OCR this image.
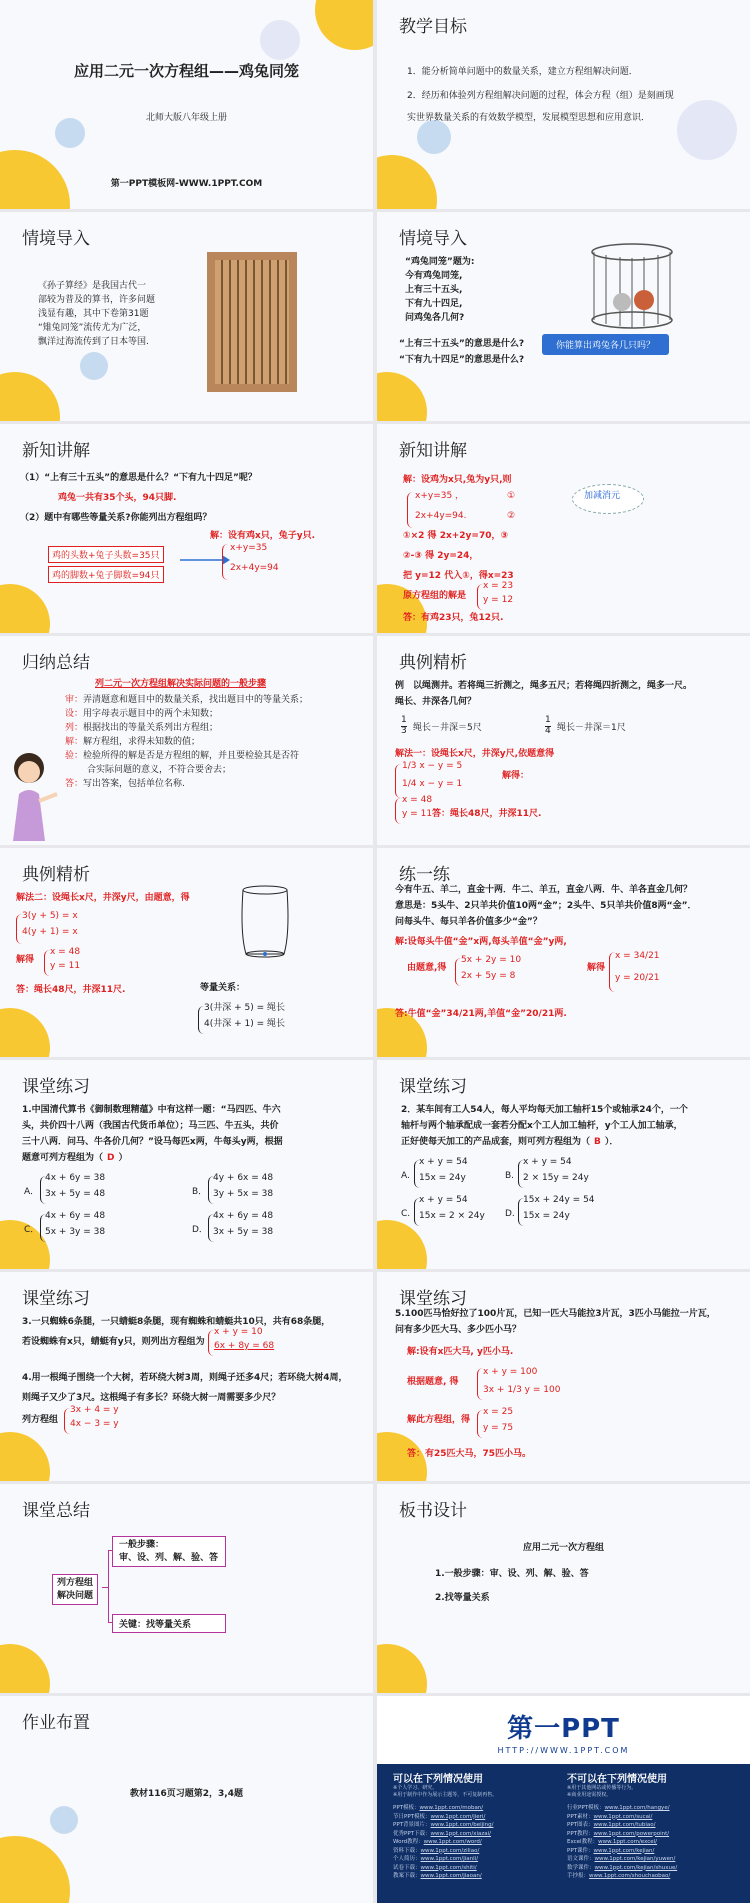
应用二元一次方程组——鸡兔同笼
北师大版八年级上册
第一PPT模板网-WWW.1PPT.COM
教学目标
1．能分析简单问题中的数量关系，建立方程组解决问题．
2．经历和体验列方程组解决问题的过程，体会方程（组）是刻画现
实世界数量关系的有效数学模型，发展模型思想和应用意识．
情境导入
《孙子算经》是我国古代一
部较为普及的算书，许多问题
浅显有趣，其中下卷第31题
“雉兔同笼”流传尤为广泛，
飘洋过海流传到了日本等国.
情境导入
“鸡兔同笼”题为:
今有鸡兔同笼,
上有三十五头,
下有九十四足,
问鸡兔各几何?
你能算出鸡兔各几只吗？
“上有三十五头”的意思是什么?
“下有九十四足”的意思是什么?
新知讲解
（1）“上有三十五头”的意思是什么？“下有九十四足”呢？
鸡兔一共有35个头，94只脚.
（2）题中有哪些等量关系?你能列出方程组吗？
解：设有鸡x只，兔子y只.
鸡的头数+兔子头数=35只
鸡的脚数+兔子脚数=94只
x+y=35
2x+4y=94
新知讲解
解：设鸡为x只,兔为y只,则
x+y=35 ，	①
2x+4y=94.	②
加减消元
①×2 得 2x+2y=70，③
②-③ 得 2y=24，
把 y=12 代入①，得x=23
原方程组的解是
x = 23
y = 12
答：有鸡23只，兔12只.
归纳总结
列二元一次方程组解决实际问题的一般步骤
审：弄清题意和题目中的数量关系，找出题目中的等量关系；
设：用字母表示题目中的两个未知数；
列：根据找出的等量关系列出方程组；
解：解方程组，求得未知数的值；
验：检验所得的解是否是方程组的解，并且要检验其是否符
合实际问题的意义，不符合要舍去；
答：写出答案，包括单位名称.
典例精析
例　以绳测井。若将绳三折测之，绳多五尺；若将绳四折测之，绳多一尺。
绳长、井深各几何？
$\frac{1}{3}$ 绳长－井深＝5尺	$\frac{1}{4}$ 绳长－井深＝1尺
解法一：设绳长x尺，井深y尺,依题意得
1/3 x − y = 5
1/4 x − y = 1
解得：
x = 48
y = 11 答：绳长48尺，井深11尺.
典例精析
解法二：设绳长x尺，井深y尺，由题意，得
3(y + 5) = x
4(y + 1) = x
解得
x = 48
y = 11
答：绳长48尺，井深11尺.	等量关系：
3(井深 + 5) = 绳长
4(井深 + 1) = 绳长
练一练
今有牛五、羊二，直金十两．牛二、羊五，直金八两．牛、羊各直金几何？
意思是：5头牛、2只羊共价值10两“金”；2头牛、5只羊共价值8两“金”．
问每头牛、每只羊各价值多少“金”？
解:设每头牛值“金”x两,每头羊值“金”y两,
由题意,得
5x + 2y = 10
2x + 5y = 8
解得
x = 34/21
y = 20/21
答:牛值“金”34/21两,羊值“金”20/21两.
课堂练习
1.中国清代算书《御制数理精蕴》中有这样一题：“马四匹、牛六
头，共价四十八两（我国古代货币单位）；马三匹、牛五头，共价
三十八两．问马、牛各价几何？”设马每匹x两，牛每头y两，根据
题意可列方程组为（ D ）
A．
4x + 6y = 38
3x + 5y = 48	B．
4y + 6x = 48
3y + 5x = 38
C．
4x + 6y = 48
5x + 3y = 38	D．
4x + 6y = 48
3x + 5y = 38
课堂练习
2．某车间有工人54人，每人平均每天加工轴杆15个或轴承24个，一个
轴杆与两个轴承配成一套若分配x个工人加工轴杆，y个工人加工轴承，
正好使每天加工的产品成套，则可列方程组为（ B ）．
A.
x + y = 54
15x = 24y	B.
x + y = 54
2 × 15y = 24y
C.
x + y = 54
15x = 2 × 24y D.
15x + 24y = 54
15x = 24y
课堂练习
3.一只蜘蛛6条腿，一只蜻蜓8条腿，现有蜘蛛和蜻蜓共10只，共有68条腿，
若设蜘蛛有x只，蜻蜓有y只，则列出方程组为
x + y = 10
6x + 8y = 68
4.用一根绳子围绕一个大树，若环绕大树3周，则绳子还多4尺；若环绕大树4周，
则绳子又少了3尺。这根绳子有多长？环绕大树一周需要多少尺？
列方程组
3x + 4 = y
4x − 3 = y
课堂练习
5.100匹马恰好拉了100片瓦，已知一匹大马能拉3片瓦，3匹小马能拉一片瓦，
问有多少匹大马、多少匹小马？
解:设有x匹大马, y匹小马.
根据题意, 得
x + y = 100
3x + 1/3 y = 100
解此方程组，得
x = 25
y = 75
答：有25匹大马，75匹小马。
课堂总结
列方程组
解决问题
一般步骤：
审、设、列、解、验、答
关键：找等量关系
板书设计
应用二元一次方程组
1.一般步骤：审、设、列、解、验、答
2.找等量关系
作业布置
教材116页习题第2，3,4题
第一PPT
HTTP://WWW.1PPT.COM
可以在下列情况使用
※个人学习、研究。
※用于制作中作为展示主题等，不可复制再售。
不可以在下列情况使用
※用于其他网站或传播等行为。
※商业用途需授权。
PPT模板：www.1ppt.com/moban/
节日PPT模板：www.1ppt.com/jieri/
PPT背景图片：www.1ppt.com/beijing/
优秀PPT下载：www.1ppt.com/xiazai/
Word教程：www.1ppt.com/word/
资料下载：www.1ppt.com/ziliao/
个人简历：www.1ppt.com/jianli/
试卷下载：www.1ppt.com/shiti/
教案下载：www.1ppt.com/jiaoan/
行业PPT模板：www.1ppt.com/hangye/
PPT素材：www.1ppt.com/sucai/
PPT图表：www.1ppt.com/tubiao/
PPT教程：www.1ppt.com/powerpoint/
Excel教程：www.1ppt.com/excel/
PPT课件：www.1ppt.com/kejian/
语文课件：www.1ppt.com/kejian/yuwen/
数学课件：www.1ppt.com/kejian/shuxue/
手抄报：www.1ppt.com/shouchaobao/
